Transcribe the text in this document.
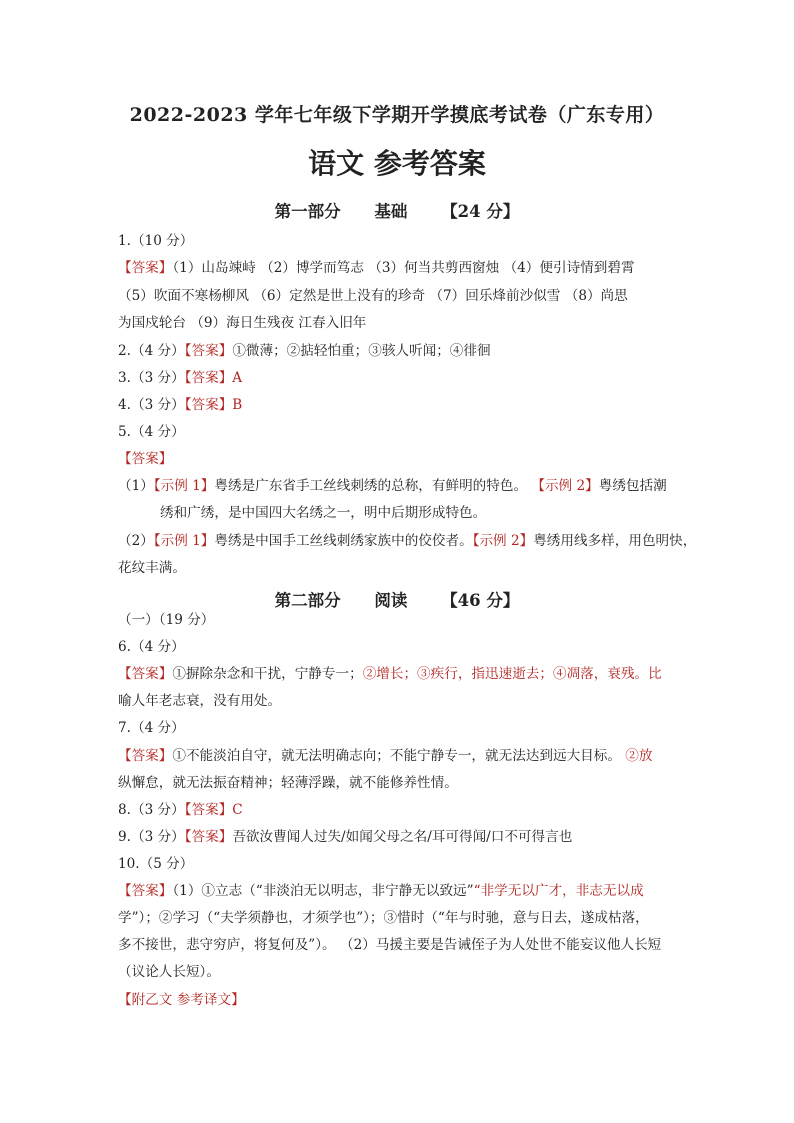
2022-2023 学年七年级下学期开学摸底考试卷（广东专用）
语文 参考答案
第一部分 基础 【24 分】
1.（10 分）
【答案】（1）山岛竦峙 （2）博学而笃志 （3）何当共剪西窗烛 （4）便引诗情到碧霄
（5）吹面不寒杨柳风 （6）定然是世上没有的珍奇 （7）回乐烽前沙似雪 （8）尚思
为国戍轮台 （9）海日生残夜 江春入旧年
2.（4 分）【答案】①微薄；②掂轻怕重；③骇人听闻；④徘徊
3.（3 分）【答案】A
4.（3 分）【答案】B
5.（4 分）
【答案】
（1）【示例 1】粤绣是广东省手工丝线刺绣的总称，有鲜明的特色。 【示例 2】粤绣包括潮
绣和广绣，是中国四大名绣之一，明中后期形成特色。
（2）【示例 1】粤绣是中国手工丝线刺绣家族中的佼佼者。【示例 2】粤绣用线多样，用色明快，
花纹丰满。
第二部分 阅读 【46 分】
（一）（19 分）
6.（4 分）
【答案】①摒除杂念和干扰，宁静专一；②增长；③疾行，指迅速逝去；④凋落，衰残。比
喻人年老志衰，没有用处。
7.（4 分）
【答案】①不能淡泊自守，就无法明确志向；不能宁静专一，就无法达到远大目标。 ②放
纵懈怠，就无法振奋精神；轻薄浮躁，就不能修养性情。
8.（3 分）【答案】C
9.（3 分）【答案】吾欲汝曹闻人过失/如闻父母之名/耳可得闻/口不可得言也
10.（5 分）
【答案】（1）①立志（“非淡泊无以明志，非宁静无以致远”“非学无以广才，非志无以成
学”）；②学习（“夫学须静也，才须学也”）；③惜时（“年与时驰，意与日去，遂成枯落，
多不接世，悲守穷庐，将复何及”）。 （2）马援主要是告诫侄子为人处世不能妄议他人长短
（议论人长短）。
【附乙文 参考译文】
